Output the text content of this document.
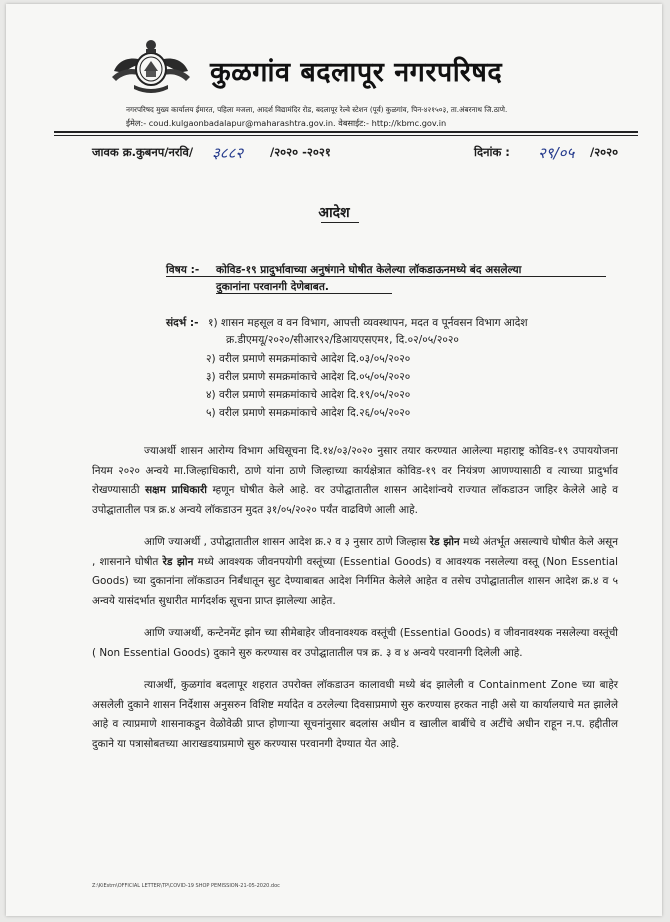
कुळगांव बदलापूर नगरपरिषद
नगरपरिषद मुख्य कार्यालय ईमारत, पहिला मजला, आदर्श विद्यामंदिर रोड, बदलापूर रेल्वे स्टेशन (पूर्व) कुळगांव, पिन-४२१५०३, ता.अंबरनाथ जि.ठाणे.
ईमेल:- coud.kulgaonbadalapur@maharashtra.gov.in. वेबसाईट:- http://kbmc.gov.in
जावक क्र.कुबनप/नरवि/ ३८८२ /२०२० -२०२१	दिनांक : २९/०५ /२०२०
आदेश
विषय :- कोविड-१९ प्रादुर्भावाच्या अनुषंगाने घोषीत केलेल्या लॉकडाऊनमध्ये बंद असलेल्या
दुकानांना परवानगी देणेबाबत.
संदर्भ :- १) शासन महसूल व वन विभाग, आपत्ती व्यवस्थापन, मदत व पूर्नवसन विभाग आदेश
क्र.डीएमयू/२०२०/सीआर९२/डिआयएसएम१, दि.०२/०५/२०२०
२) वरील प्रमाणे समक्रमांकाचे आदेश दि.०३/०५/२०२०
३) वरील प्रमाणे समक्रमांकाचे आदेश दि.०५/०५/२०२०
४) वरील प्रमाणे समक्रमांकाचे आदेश दि.१९/०५/२०२०
५) वरील प्रमाणे समक्रमांकाचे आदेश दि.२६/०५/२०२०

ज्याअर्थी शासन आरोग्य विभाग अधिसूचना दि.१४/०३/२०२० नुसार तयार करण्यात आलेल्या महाराष्ट्र कोविड-१९ उपाययोजना नियम २०२० अन्वये मा.जिल्हाधिकारी, ठाणे यांना ठाणे जिल्हाच्या कार्यक्षेत्रात कोविड-१९ वर नियंत्रण आणण्यासाठी व त्याच्या प्रादुर्भाव रोखण्यासाठी सक्षम प्राधिकारी म्हणून घोषीत केले आहे. वर उपोद्घातातील शासन आदेशांन्वये राज्यात लॉकडाउन जाहिर केलेले आहे व उपोद्घातातील पत्र क्र.४ अन्वये लॉकडाउन मुदत ३१/०५/२०२० पर्यंत वाढविणे आली आहे.

आणि ज्याअर्थी , उपोद्घातातील शासन आदेश क्र.२ व ३ नुसार ठाणे जिल्हास रेड झोन मध्ये अंतर्भूत असल्याचे घोषीत केले असून , शासनाने घोषीत रेड झोन मध्ये आवश्यक जीवनपयोगी वस्तूंच्या (Essential Goods) व आवश्यक नसलेल्या वस्तू (Non Essential Goods) च्या दुकानांना लॉकडाउन निर्बंधातून सुट देण्याबाबत आदेश निर्गमित केलेले आहेत व तसेच उपोद्घातातील शासन आदेश क्र.४ व ५ अन्वये यासंदर्भात सुधारीत मार्गदर्शक सूचना प्राप्त झालेल्या आहेत.

आणि ज्याअर्थी, कन्टेनमेंट झोन च्या सीमेबाहेर जीवनावश्यक वस्तूंची (Essential Goods) व जीवनावश्यक नसलेल्या वस्तूंची ( Non Essential Goods) दुकाने सुरु करण्यास वर उपोद्घातातील पत्र क्र. ३ व ४ अन्वये परवानगी दिलेली आहे.

त्याअर्थी, कुळगांव बदलापूर शहरात उपरोक्त लॉकडाउन कालावधी मध्ये बंद झालेली व Containment Zone च्या बाहेर असलेली दुकाने शासन निर्देशास अनुसरुन विशिष्ट मर्यादेत व ठरलेल्या दिवसाप्रमाणे सुरु करण्यास हरकत नाही असे या कार्यालयाचे मत झालेले आहे व त्याप्रमाणे शासनाकडून वेळोवेळी प्राप्त होणाऱ्या सूचनांनुसार बदलांस अधीन व खालील बाबींचे व अटींचे अधीन राहून न.प. हद्दीतील दुकाने या पत्रासोबतच्या आराखडयाप्रमाणे सुरु करण्यास परवानगी देण्यात येत आहे.

Z:\KiEstm\OFFICIAL LETTER\TP\COVID-19 SHOP PEMISSION-21-05-2020.doc
